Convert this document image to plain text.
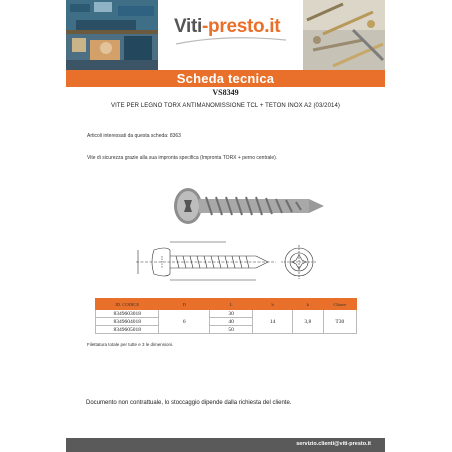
Viti-presto.it
Scheda tecnica
VS8349
VITE PER LEGNO TORX ANTIMANOMISSIONE TCL + TETON INOX A2 (03/2014)
Articoli interessati da questa scheda: 8363
Vite di sicurezza grazie alla sua impronta specifica (Impronta TORX + perno centrale).
ID. CODICE	D	L	b	k	Chiave
8349603018	6	30	14	3,8	T30
8349604018		40			
8349605018		50			
Filettatura totale per tutte e 3 le dimensioni.
Documento non contrattuale, lo stoccaggio dipende dalla richiesta del cliente.
servizio.clienti@viti-presto.it
